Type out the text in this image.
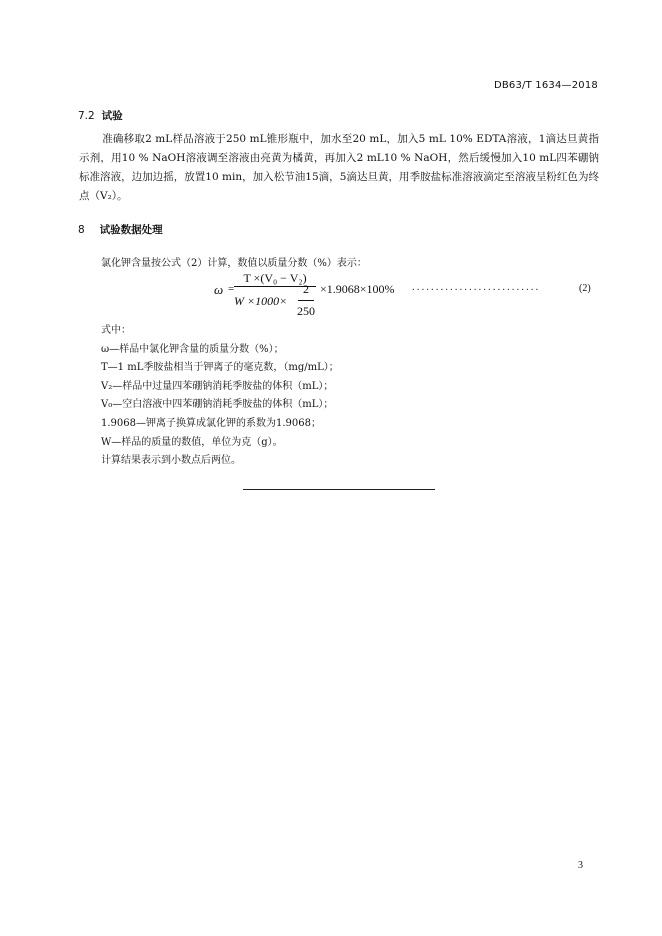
DB63/T 1634—2018
7.2 试验
准确移取2 mL样品溶液于250 mL锥形瓶中，加水至20 mL，加入5 mL 10% EDTA溶液，1滴达旦黄指示剂，用10 % NaOH溶液调至溶液由亮黄为橘黄，再加入2 mL10 % NaOH，然后缓慢加入10 mL四苯硼钠标准溶液，边加边摇，放置10 min，加入松节油15滴，5滴达旦黄，用季胺盐标准溶液滴定至溶液呈粉红色为终点（V₂）。
8 试验数据处理
氯化钾含量按公式（2）计算，数值以质量分数（%）表示：
ω =
T ×(V₀ − V₂)
W ×1000×
2
250
×1.9068×100% ...........................	(2)
式中：
ω—样品中氯化钾含量的质量分数（%）；
T—1 mL季胺盐相当于钾离子的毫克数，（mg/mL）；
V₂—样品中过量四苯硼钠消耗季胺盐的体积（mL）；
V₀—空白溶液中四苯硼钠消耗季胺盐的体积（mL）；
1.9068—钾离子换算成氯化钾的系数为1.9068；
W—样品的质量的数值，单位为克（g）。
计算结果表示到小数点后两位。
3
